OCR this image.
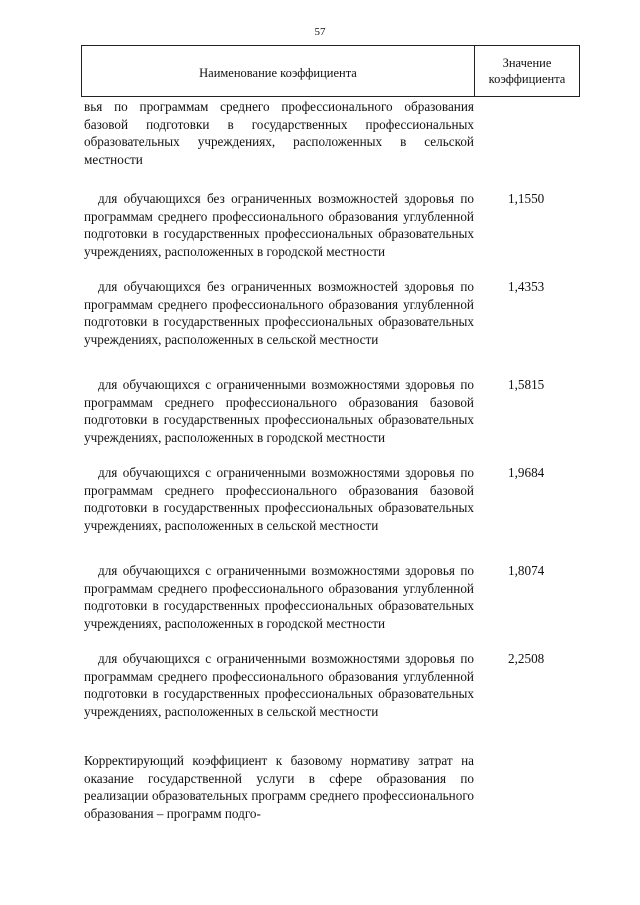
57
Наименование коэффициента
Значение
коэффициента
вья по программам среднего профессионального образования базовой подготовки в государственных профессиональных образовательных учреждениях, расположенных в сельской местности
для обучающихся без ограниченных возможностей здоровья по программам среднего профессионального образования углубленной подготовки в государственных профессиональных образовательных учреждениях, расположенных в городской местности
1,1550
для обучающихся без ограниченных возможностей здоровья по программам среднего профессионального образования углубленной подготовки в государственных профессиональных образовательных учреждениях, расположенных в сельской местности
1,4353
для обучающихся с ограниченными возможностями здоровья по программам среднего профессионального образования базовой подготовки в государственных профессиональных образовательных учреждениях, расположенных в городской местности
1,5815
для обучающихся с ограниченными возможностями здоровья по программам среднего профессионального образования базовой подготовки в государственных профессиональных образовательных учреждениях, расположенных в сельской местности
1,9684
для обучающихся с ограниченными возможностями здоровья по программам среднего профессионального образования углубленной подготовки в государственных профессиональных образовательных учреждениях, расположенных в городской местности
1,8074
для обучающихся с ограниченными возможностями здоровья по программам среднего профессионального образования углубленной подготовки в государственных профессиональных образовательных учреждениях, расположенных в сельской местности
2,2508
Корректирующий коэффициент к базовому нормативу затрат на оказание государственной услуги в сфере образования по реализации образовательных программ среднего профессионального образования – программ подго-
